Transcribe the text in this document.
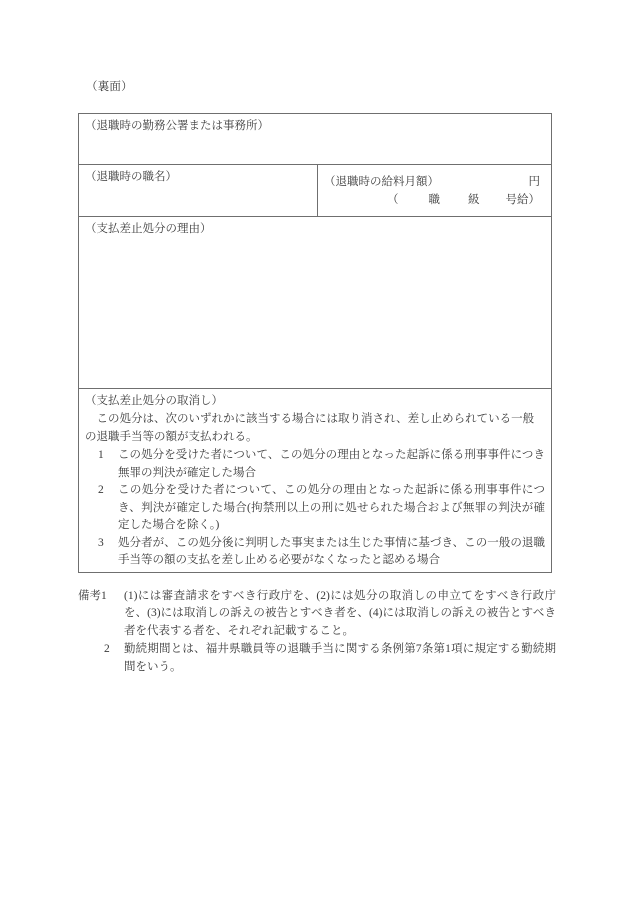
（裏面）
（退職時の勤務公署または事務所）
（退職時の職名）	（退職時の給料月額）	円
（	職 級 号給）
（支払差止処分の理由）
（支払差止処分の取消し）
この処分は、次のいずれかに該当する場合には取り消され、差し止められている一般の退職手当等の額が支払われる。
1	この処分を受けた者について、この処分の理由となった起訴に係る刑事事件につき無罪の判決が確定した場合
2	この処分を受けた者について、この処分の理由となった起訴に係る刑事事件につき、判決が確定した場合(拘禁刑以上の刑に処せられた場合および無罪の判決が確定した場合を除く。)
3	処分者が、この処分後に判明した事実または生じた事情に基づき、この一般の退職手当等の額の支払を差し止める必要がなくなったと認める場合
備考1	(1)には審査請求をすべき行政庁を、(2)には処分の取消しの申立てをすべき行政庁を、(3)には取消しの訴えの被告とすべき者を、(4)には取消しの訴えの被告とすべき者を代表する者を、それぞれ記載すること。
2	勤続期間とは、福井県職員等の退職手当に関する条例第7条第1項に規定する勤続期間をいう。
